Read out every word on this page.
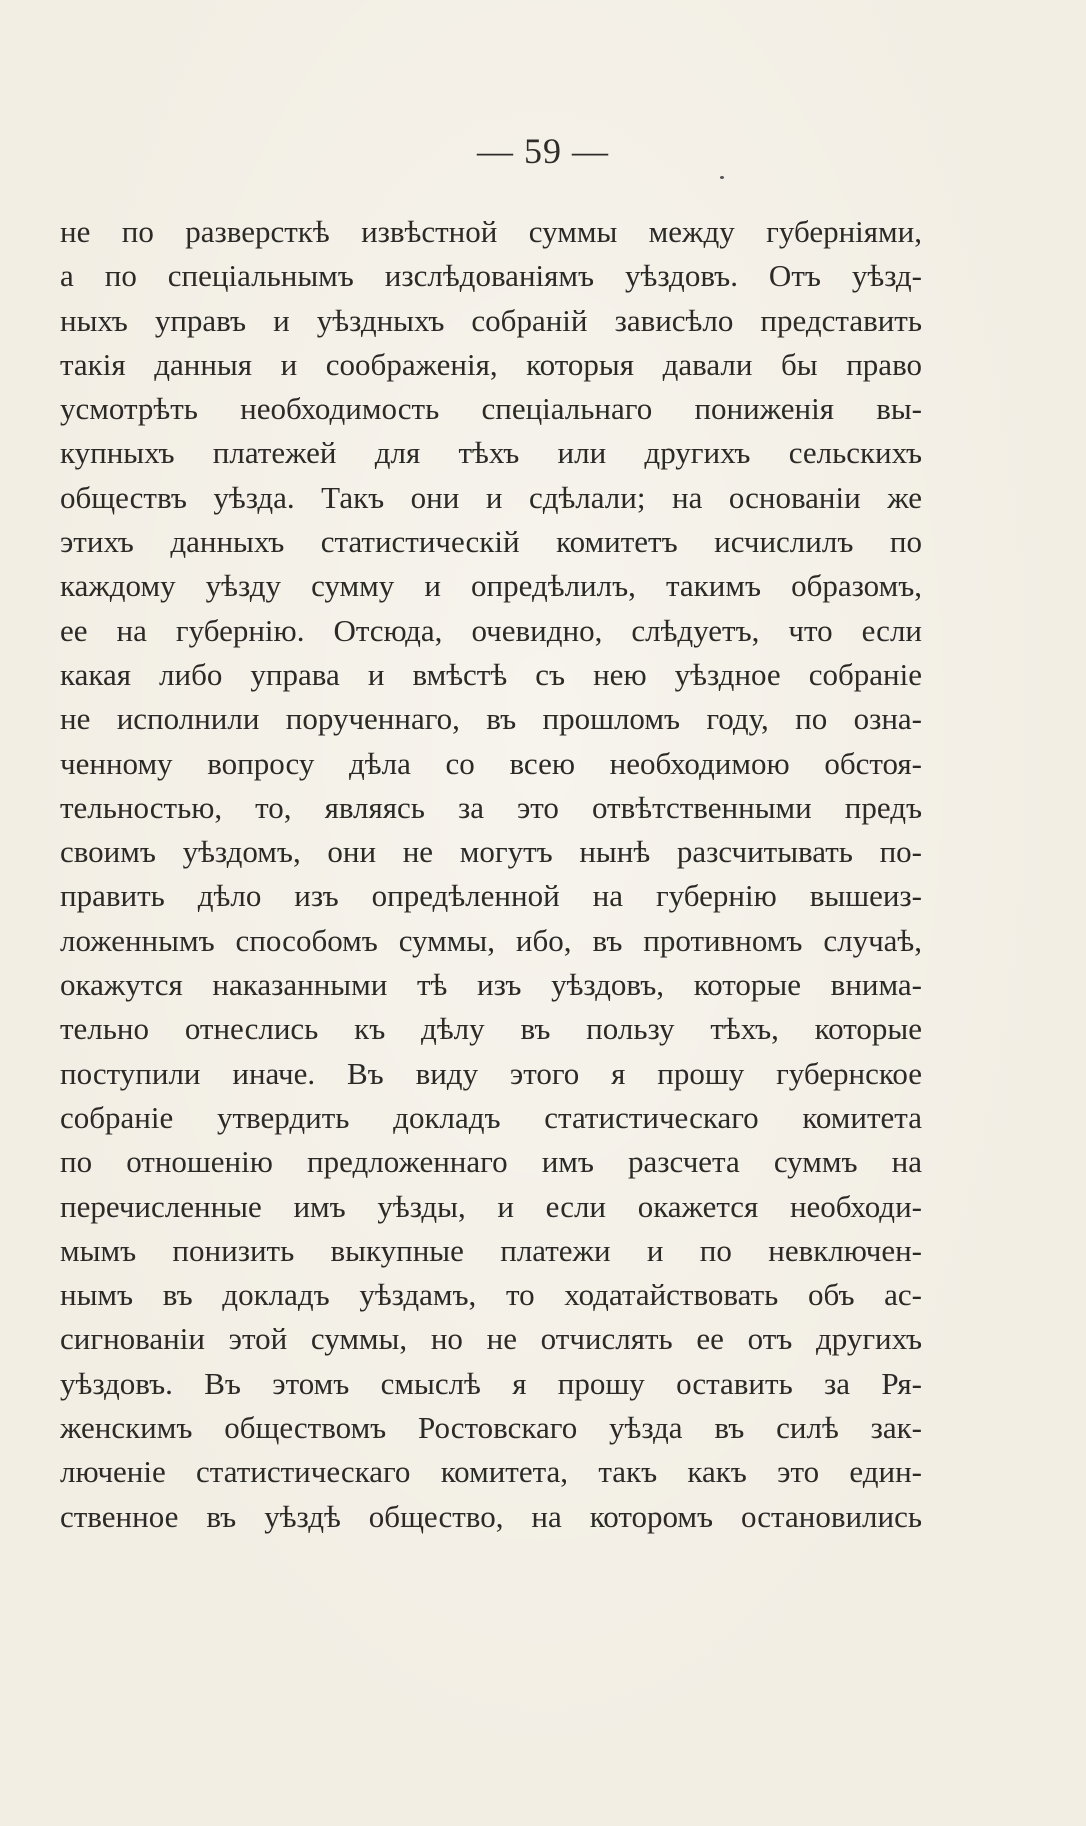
— 59 —
не по разверсткѣ извѣстной суммы между губерніями,
а по спеціальнымъ изслѣдованіямъ уѣздовъ. Отъ уѣзд-
ныхъ управъ и уѣздныхъ собраній зависѣло представить
такія данныя и соображенія, которыя давали бы право
усмотрѣть необходимость спеціальнаго пониженія вы-
купныхъ платежей для тѣхъ или другихъ сельскихъ
обществъ уѣзда. Такъ они и сдѣлали; на основаніи же
этихъ данныхъ статистическій комитетъ исчислилъ по
каждому уѣзду сумму и опредѣлилъ, такимъ образомъ,
ее на губернію. Отсюда, очевидно, слѣдуетъ, что если
какая либо управа и вмѣстѣ съ нею уѣздное собраніе
не исполнили порученнаго, въ прошломъ году, по озна-
ченному вопросу дѣла со всею необходимою обстоя-
тельностью, то, являясь за это отвѣтственными предъ
своимъ уѣздомъ, они не могутъ нынѣ разсчитывать по-
править дѣло изъ опредѣленной на губернію вышеиз-
ложеннымъ способомъ суммы, ибо, въ противномъ случаѣ,
окажутся наказанными тѣ изъ уѣздовъ, которые внима-
тельно отнеслись къ дѣлу въ пользу тѣхъ, которые
поступили иначе. Въ виду этого я прошу губернское
собраніе утвердить докладъ статистическаго комитета
по отношенію предложеннаго имъ разсчета суммъ на
перечисленные имъ уѣзды, и если окажется необходи-
мымъ понизить выкупные платежи и по невключен-
нымъ въ докладъ уѣздамъ, то ходатайствовать объ ас-
сигнованіи этой суммы, но не отчислять ее отъ другихъ
уѣздовъ. Въ этомъ смыслѣ я прошу оставить за Ря-
женскимъ обществомъ Ростовскаго уѣзда въ силѣ зак-
люченіе статистическаго комитета, такъ какъ это един-
ственное въ уѣздѣ общество, на которомъ остановились
